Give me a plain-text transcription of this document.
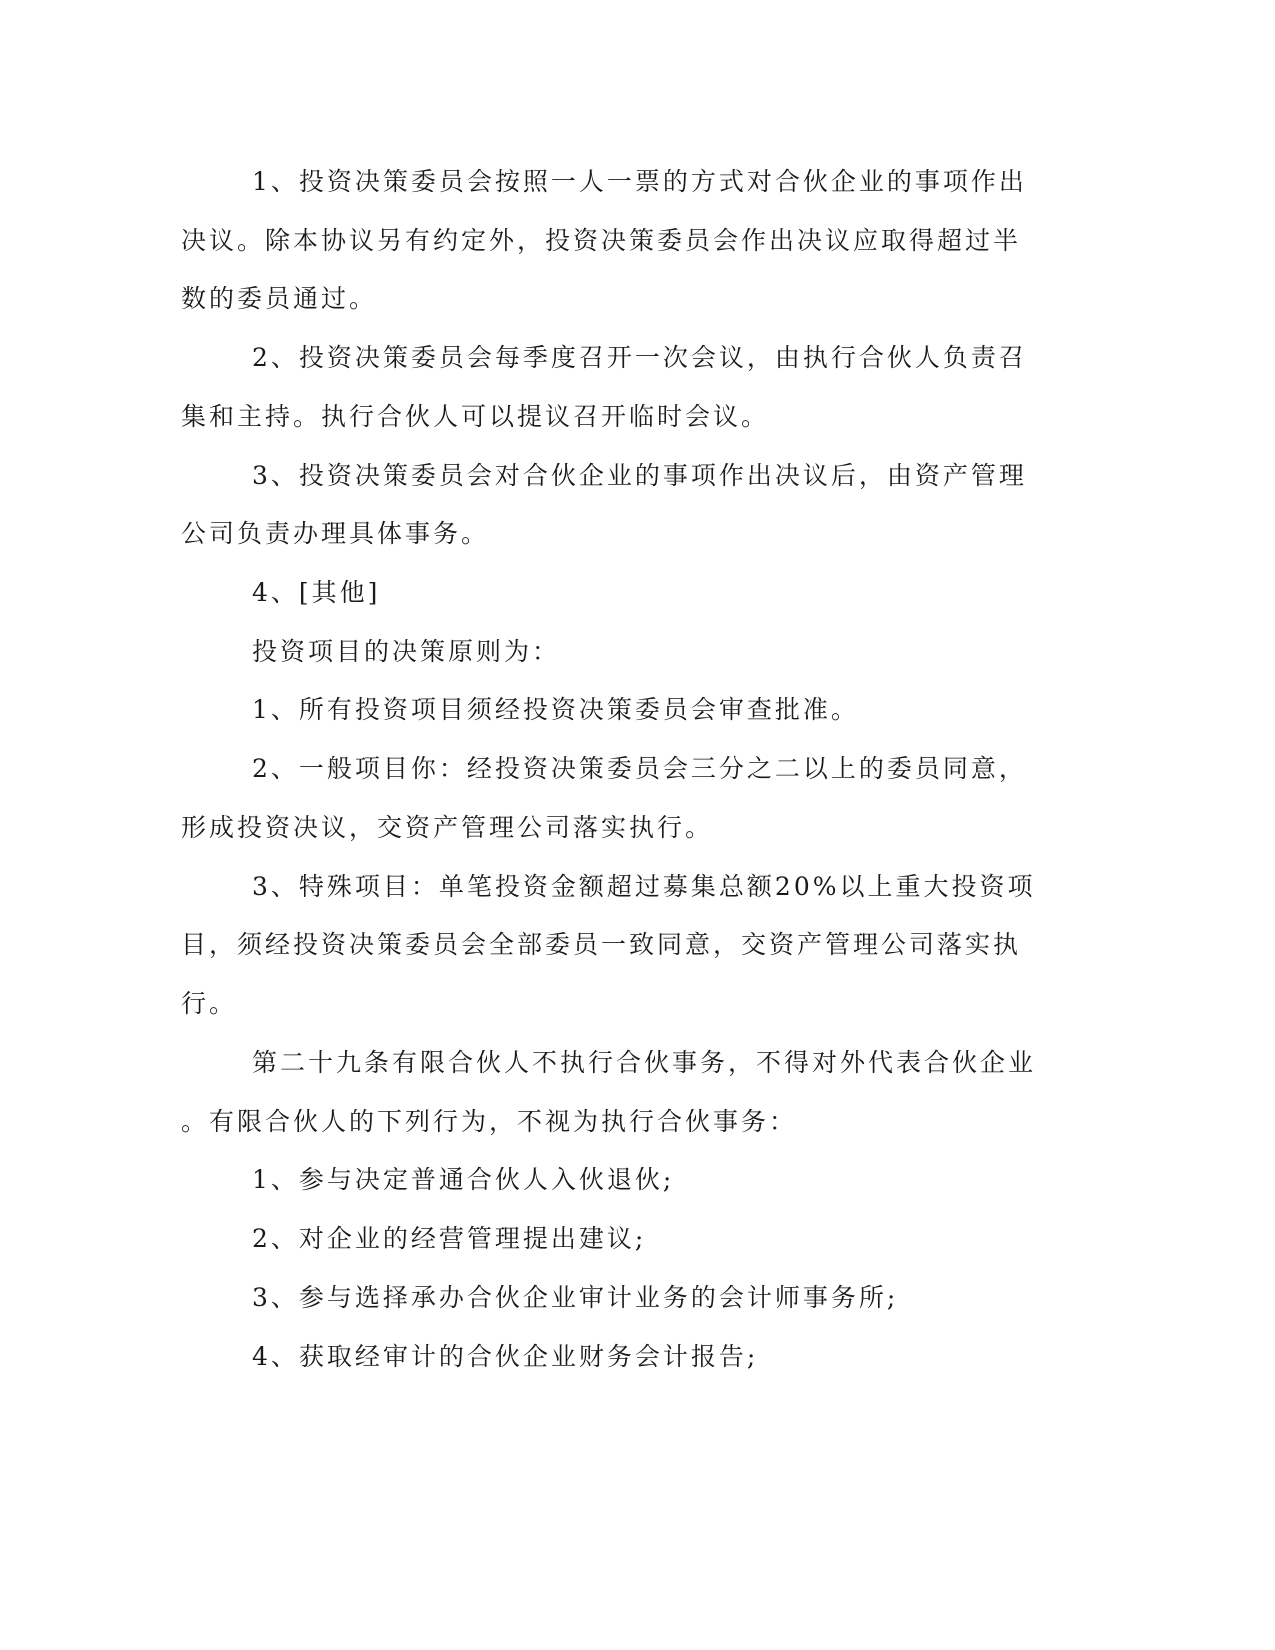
1、投资决策委员会按照一人一票的方式对合伙企业的事项作出
决议。除本协议另有约定外，投资决策委员会作出决议应取得超过半
数的委员通过。
2、投资决策委员会每季度召开一次会议，由执行合伙人负责召
集和主持。执行合伙人可以提议召开临时会议。
3、投资决策委员会对合伙企业的事项作出决议后，由资产管理
公司负责办理具体事务。
4、[其他]
投资项目的决策原则为：
1、所有投资项目须经投资决策委员会审查批准。
2、一般项目你：经投资决策委员会三分之二以上的委员同意，
形成投资决议，交资产管理公司落实执行。
3、特殊项目：单笔投资金额超过募集总额20%以上重大投资项
目，须经投资决策委员会全部委员一致同意，交资产管理公司落实执
行。
第二十九条有限合伙人不执行合伙事务，不得对外代表合伙企业
。有限合伙人的下列行为，不视为执行合伙事务：
1、参与决定普通合伙人入伙退伙;
2、对企业的经营管理提出建议;
3、参与选择承办合伙企业审计业务的会计师事务所;
4、获取经审计的合伙企业财务会计报告;
